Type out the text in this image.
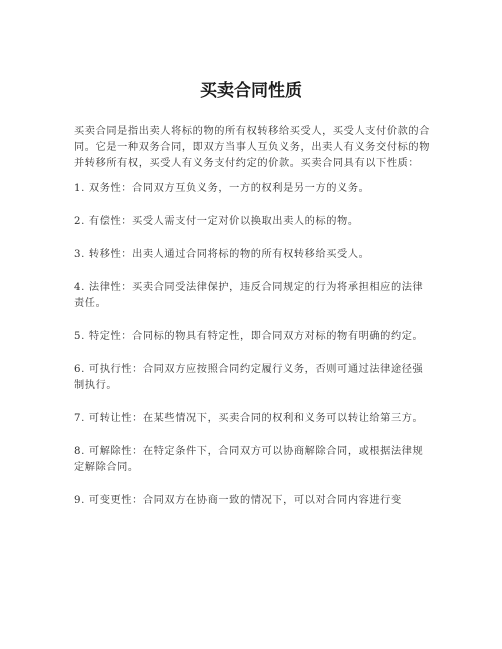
买卖合同性质

买卖合同是指出卖人将标的物的所有权转移给买受人，买受人支付价款的合同。它是一种双务合同，即双方当事人互负义务，出卖人有义务交付标的物并转移所有权，买受人有义务支付约定的价款。买卖合同具有以下性质：

1. 双务性：合同双方互负义务，一方的权利是另一方的义务。
2. 有偿性：买受人需支付一定对价以换取出卖人的标的物。
3. 转移性：出卖人通过合同将标的物的所有权转移给买受人。
4. 法律性：买卖合同受法律保护，违反合同规定的行为将承担相应的法律责任。
5. 特定性：合同标的物具有特定性，即合同双方对标的物有明确的约定。
6. 可执行性：合同双方应按照合同约定履行义务，否则可通过法律途径强制执行。
7. 可转让性：在某些情况下，买卖合同的权利和义务可以转让给第三方。
8. 可解除性：在特定条件下，合同双方可以协商解除合同，或根据法律规定解除合同。
9. 可变更性：合同双方在协商一致的情况下，可以对合同内容进行变
